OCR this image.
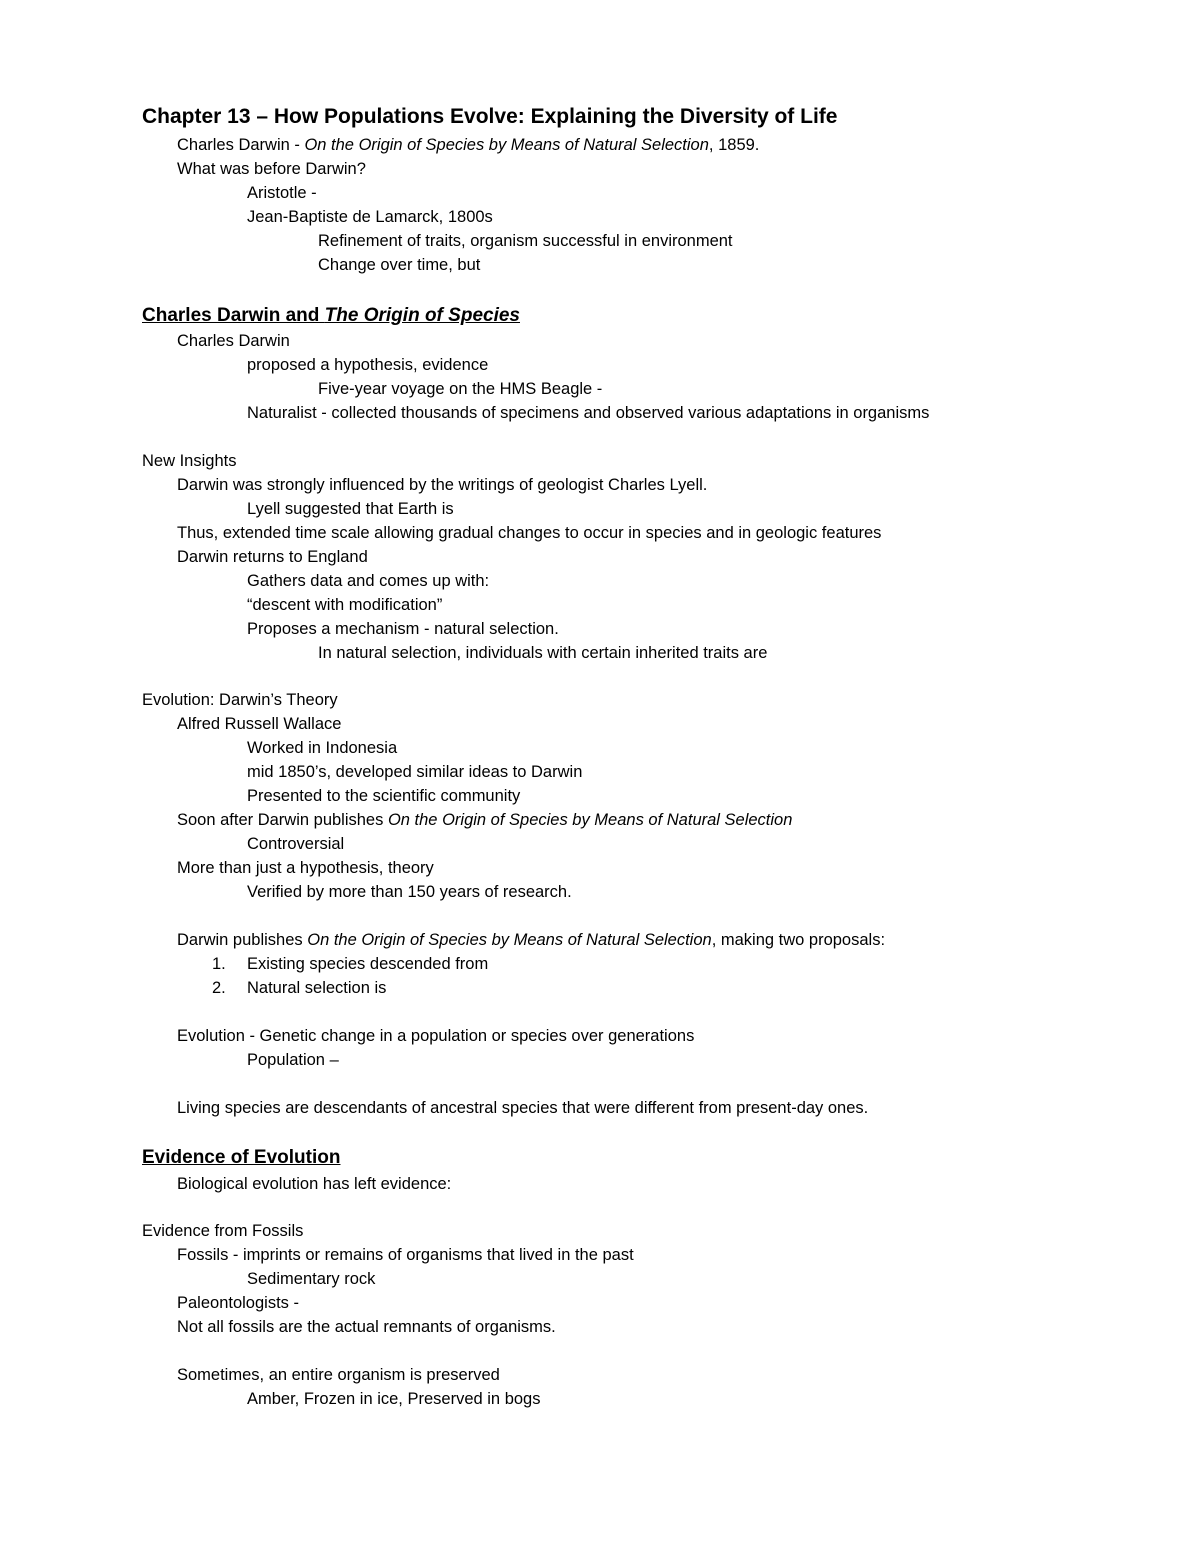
Chapter 13 – How Populations Evolve: Explaining the Diversity of Life
Charles Darwin - On the Origin of Species by Means of Natural Selection, 1859.
What was before Darwin?
Aristotle -
Jean-Baptiste de Lamarck, 1800s
Refinement of traits, organism successful in environment
Change over time, but
Charles Darwin and The Origin of Species
Charles Darwin
proposed a hypothesis, evidence
Five-year voyage on the HMS Beagle -
Naturalist - collected thousands of specimens and observed various adaptations in organisms
New Insights
Darwin was strongly influenced by the writings of geologist Charles Lyell.
Lyell suggested that Earth is
Thus, extended time scale allowing gradual changes to occur in species and in geologic features
Darwin returns to England
Gathers data and comes up with:
“descent with modification”
Proposes a mechanism - natural selection.
In natural selection, individuals with certain inherited traits are
Evolution: Darwin’s Theory
Alfred Russell Wallace
Worked in Indonesia
mid 1850’s, developed similar ideas to Darwin
Presented to the scientific community
Soon after Darwin publishes On the Origin of Species by Means of Natural Selection
Controversial
More than just a hypothesis, theory
Verified by more than 150 years of research.
Darwin publishes On the Origin of Species by Means of Natural Selection, making two proposals:
1. Existing species descended from
2. Natural selection is
Evolution - Genetic change in a population or species over generations
Population –
Living species are descendants of ancestral species that were different from present-day ones.
Evidence of Evolution
Biological evolution has left evidence:
Evidence from Fossils
Fossils - imprints or remains of organisms that lived in the past
Sedimentary rock
Paleontologists -
Not all fossils are the actual remnants of organisms.
Sometimes, an entire organism is preserved
Amber, Frozen in ice, Preserved in bogs
